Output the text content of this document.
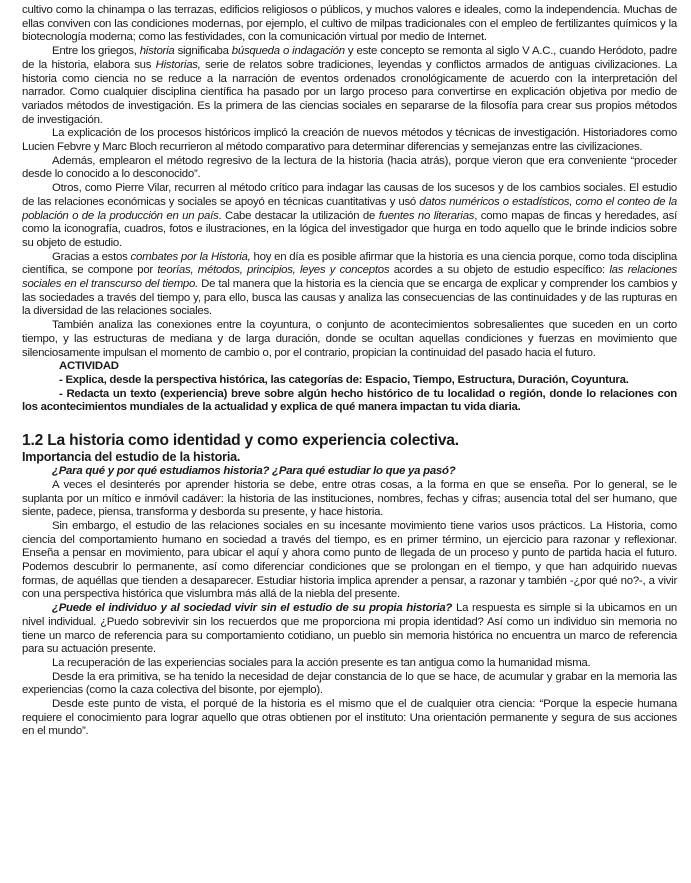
cultivo como la chinampa o las terrazas, edificios religiosos o públicos, y muchos valores e ideales, como la independencia. Muchas de ellas conviven con las condiciones modernas, por ejemplo, el cultivo de milpas tradicionales con el empleo de fertilizantes químicos y la biotecnología moderna; como las festividades, con la comunicación virtual por medio de Internet.

Entre los griegos, historia significaba búsqueda o indagación y este concepto se remonta al siglo V A.C., cuando Heródoto, padre de la historia, elabora sus Historias, serie de relatos sobre tradiciones, leyendas y conflictos armados de antiguas civilizaciones. La historia como ciencia no se reduce a la narración de eventos ordenados cronológicamente de acuerdo con la interpretación del narrador. Como cualquier disciplina científica ha pasado por un largo proceso para convertirse en explicación objetiva por medio de variados métodos de investigación. Es la primera de las ciencias sociales en separarse de la filosofía para crear sus propios métodos de investigación.

La explicación de los procesos históricos implicó la creación de nuevos métodos y técnicas de investigación. Historiadores como Lucien Febvre y Marc Bloch recurrieron al método comparativo para determinar diferencias y semejanzas entre las civilizaciones.

Además, emplearon el método regresivo de la lectura de la historia (hacia atrás), porque vieron que era conveniente “proceder desde lo conocido a lo desconocido”.

Otros, como Pierre Vilar, recurren al método crítico para indagar las causas de los sucesos y de los cambios sociales. El estudio de las relaciones económicas y sociales se apoyó en técnicas cuantitativas y usó datos numéricos o estadísticos, como el conteo de la población o de la producción en un país. Cabe destacar la utilización de fuentes no literarias, como mapas de fincas y heredades, así como la iconografía, cuadros, fotos e ilustraciones, en la lógica del investigador que hurga en todo aquello que le brinde indicios sobre su objeto de estudio.

Gracias a estos combates por la Historia, hoy en día es posible afirmar que la historia es una ciencia porque, como toda disciplina científica, se compone por teorías, métodos, principios, leyes y conceptos acordes a su objeto de estudio específico: las relaciones sociales en el transcurso del tiempo. De tal manera que la historia es la ciencia que se encarga de explicar y comprender los cambios y las sociedades a través del tiempo y, para ello, busca las causas y analiza las consecuencias de las continuidades y de las rupturas en la diversidad de las relaciones sociales.

También analiza las conexiones entre la coyuntura, o conjunto de acontecimientos sobresalientes que suceden en un corto tiempo, y las estructuras de mediana y de larga duración, donde se ocultan aquellas condiciones y fuerzas en movimiento que silenciosamente impulsan el momento de cambio o, por el contrario, propician la continuidad del pasado hacia el futuro.

ACTIVIDAD

- Explica, desde la perspectiva histórica, las categorías de: Espacio, Tiempo, Estructura, Duración, Coyuntura.

- Redacta un texto (experiencia) breve sobre algún hecho histórico de tu localidad o región, donde lo relaciones con los acontecimientos mundiales de la actualidad y explica de qué manera impactan tu vida diaria.

1.2 La historia como identidad y como experiencia colectiva.
Importancia del estudio de la historia.

¿Para qué y por qué estudiamos historia? ¿Para qué estudiar lo que ya pasó?

A veces el desinterés por aprender historia se debe, entre otras cosas, a la forma en que se enseña. Por lo general, se le suplanta por un mítico e inmóvil cadáver: la historia de las instituciones, nombres, fechas y cifras; ausencia total del ser humano, que siente, padece, piensa, transforma y desborda su presente, y hace historia.

Sin embargo, el estudio de las relaciones sociales en su incesante movimiento tiene varios usos prácticos. La Historia, como ciencia del comportamiento humano en sociedad a través del tiempo, es en primer término, un ejercicio para razonar y reflexionar. Enseña a pensar en movimiento, para ubicar el aquí y ahora como punto de llegada de un proceso y punto de partida hacia el futuro. Podemos descubrir lo permanente, así como diferenciar condiciones que se prolongan en el tiempo, y que han adquirido nuevas formas, de aquéllas que tienden a desaparecer. Estudiar historia implica aprender a pensar, a razonar y también -¿por qué no?-, a vivir con una perspectiva histórica que vislumbra más allá de la niebla del presente.

¿Puede el individuo y al sociedad vivir sin el estudio de su propia historia? La respuesta es simple si la ubicamos en un nivel individual. ¿Puedo sobrevivir sin los recuerdos que me proporciona mi propia identidad? Así como un individuo sin memoria no tiene un marco de referencia para su comportamiento cotidiano, un pueblo sin memoria histórica no encuentra un marco de referencia para su actuación presente.

La recuperación de las experiencias sociales para la acción presente es tan antigua como la humanidad misma.

Desde la era primitiva, se ha tenido la necesidad de dejar constancia de lo que se hace, de acumular y grabar en la memoria las experiencias (como la caza colectiva del bisonte, por ejemplo).

Desde este punto de vista, el porqué de la historia es el mismo que el de cualquier otra ciencia: “Porque la especie humana requiere el conocimiento para lograr aquello que otras obtienen por el instituto: Una orientación permanente y segura de sus acciones en el mundo”.
